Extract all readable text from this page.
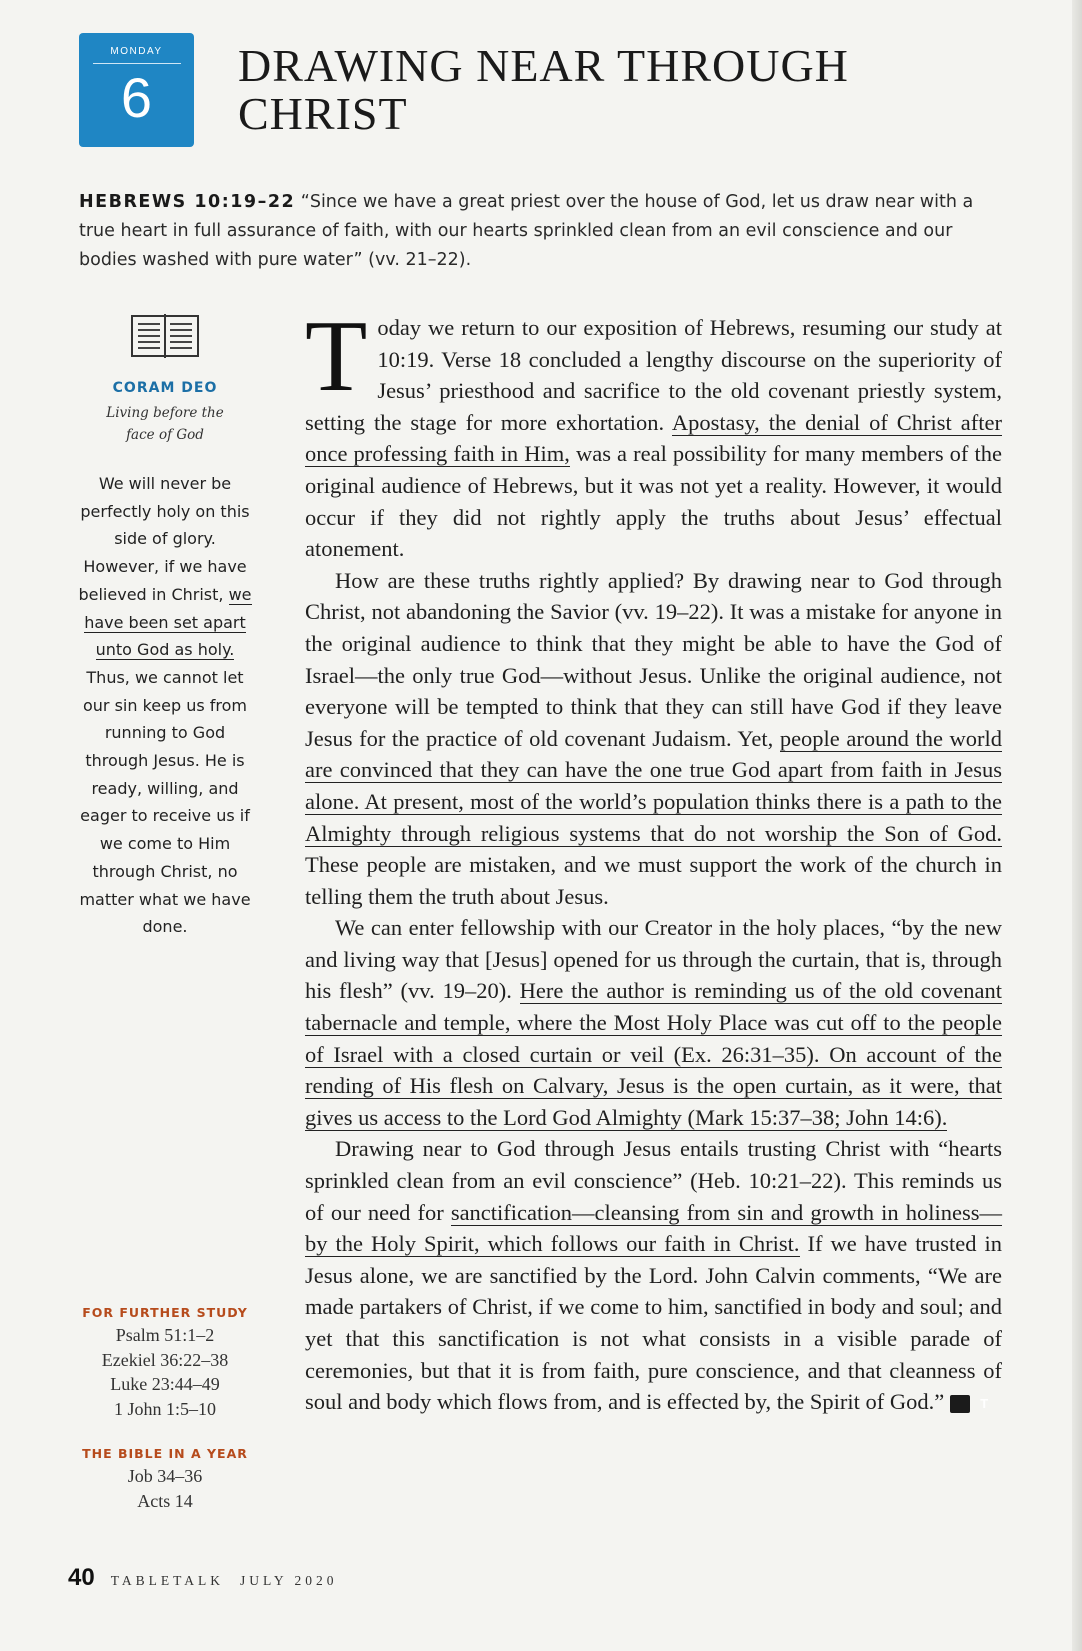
MONDAY
6
DRAWING NEAR THROUGH CHRIST
HEBREWS 10:19–22 “Since we have a great priest over the house of God, let us draw near with a true heart in full assurance of faith, with our hearts sprinkled clean from an evil conscience and our bodies washed with pure water” (vv. 21–22).
CORAM DEO
Living before the face of God
We will never be perfectly holy on this side of glory. However, if we have believed in Christ, we have been set apart unto God as holy. Thus, we cannot let our sin keep us from running to God through Jesus. He is ready, willing, and eager to receive us if we come to Him through Christ, no matter what we have done.
FOR FURTHER STUDY
Psalm 51:1–2
Ezekiel 36:22–38
Luke 23:44–49
1 John 1:5–10
THE BIBLE IN A YEAR
Job 34–36
Acts 14

Today we return to our exposition of Hebrews, resuming our study at 10:19. Verse 18 concluded a lengthy discourse on the superiority of Jesus’ priesthood and sacrifice to the old covenant priestly system, setting the stage for more exhortation. Apostasy, the denial of Christ after once professing faith in Him, was a real possibility for many members of the original audience of Hebrews, but it was not yet a reality. However, it would occur if they did not rightly apply the truths about Jesus’ effectual atonement.

How are these truths rightly applied? By drawing near to God through Christ, not abandoning the Savior (vv. 19–22). It was a mistake for anyone in the original audience to think that they might be able to have the God of Israel—the only true God—without Jesus. Unlike the original audience, not everyone will be tempted to think that they can still have God if they leave Jesus for the practice of old covenant Judaism. Yet, people around the world are convinced that they can have the one true God apart from faith in Jesus alone. At present, most of the world’s population thinks there is a path to the Almighty through religious systems that do not worship the Son of God. These people are mistaken, and we must support the work of the church in telling them the truth about Jesus.

We can enter fellowship with our Creator in the holy places, “by the new and living way that [Jesus] opened for us through the curtain, that is, through his flesh” (vv. 19–20). Here the author is reminding us of the old covenant tabernacle and temple, where the Most Holy Place was cut off to the people of Israel with a closed curtain or veil (Ex. 26:31–35). On account of the rending of His flesh on Calvary, Jesus is the open curtain, as it were, that gives us access to the Lord God Almighty (Mark 15:37–38; John 14:6).

Drawing near to God through Jesus entails trusting Christ with “hearts sprinkled clean from an evil conscience” (Heb. 10:21–22). This reminds us of our need for sanctification—cleansing from sin and growth in holiness—by the Holy Spirit, which follows our faith in Christ. If we have trusted in Jesus alone, we are sanctified by the Lord. John Calvin comments, “We are made partakers of Christ, if we come to him, sanctified in body and soul; and yet that this sanctification is not what consists in a visible parade of ceremonies, but that it is from faith, pure conscience, and that cleanness of soul and body which flows from, and is effected by, the Spirit of God.”	T

40 TABLETALK JULY 2020
